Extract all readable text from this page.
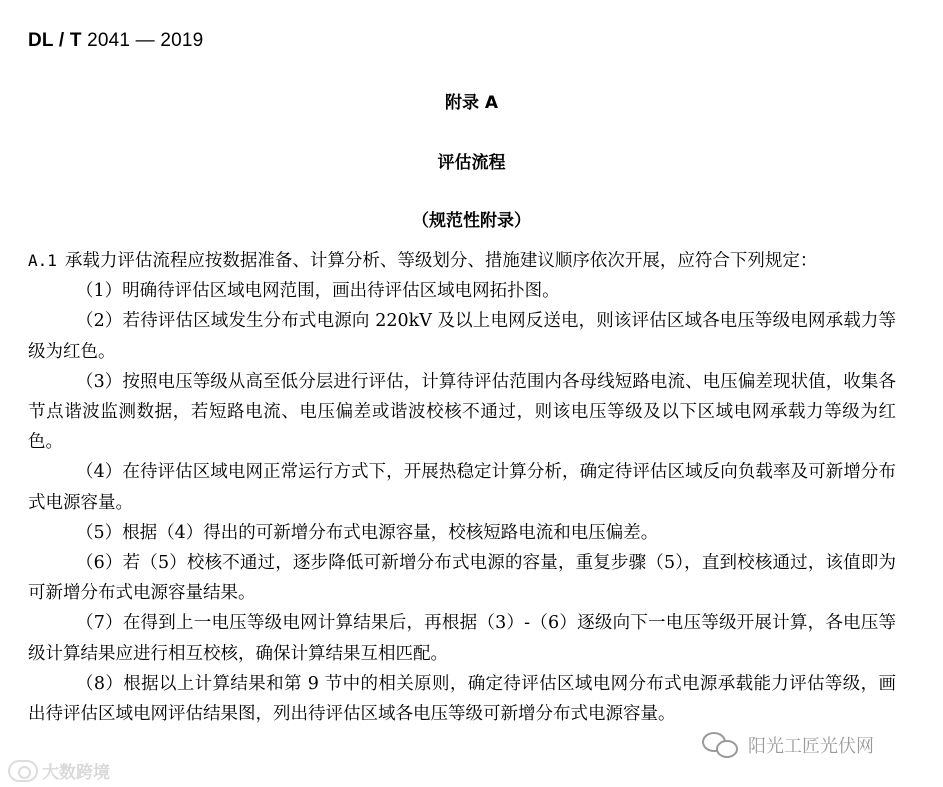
DL / T 2041 — 2019
附录 A
评估流程
（规范性附录）

A.1 承载力评估流程应按数据准备、计算分析、等级划分、措施建议顺序依次开展，应符合下列规定：

（1）明确待评估区域电网范围，画出待评估区域电网拓扑图。

（2）若待评估区域发生分布式电源向 220kV 及以上电网反送电，则该评估区域各电压等级电网承载力等级为红色。

（3）按照电压等级从高至低分层进行评估，计算待评估范围内各母线短路电流、电压偏差现状值，收集各节点谐波监测数据，若短路电流、电压偏差或谐波校核不通过，则该电压等级及以下区域电网承载力等级为红色。

（4）在待评估区域电网正常运行方式下，开展热稳定计算分析，确定待评估区域反向负载率及可新增分布式电源容量。

（5）根据（4）得出的可新增分布式电源容量，校核短路电流和电压偏差。

（6）若（5）校核不通过，逐步降低可新增分布式电源的容量，重复步骤（5），直到校核通过，该值即为可新增分布式电源容量结果。

（7）在得到上一电压等级电网计算结果后，再根据（3）-（6）逐级向下一电压等级开展计算，各电压等级计算结果应进行相互校核，确保计算结果互相匹配。

（8）根据以上计算结果和第 9 节中的相关原则，确定待评估区域电网分布式电源承载能力评估等级，画出待评估区域电网评估结果图，列出待评估区域各电压等级可新增分布式电源容量。

大数跨境
阳光工匠光伏网
